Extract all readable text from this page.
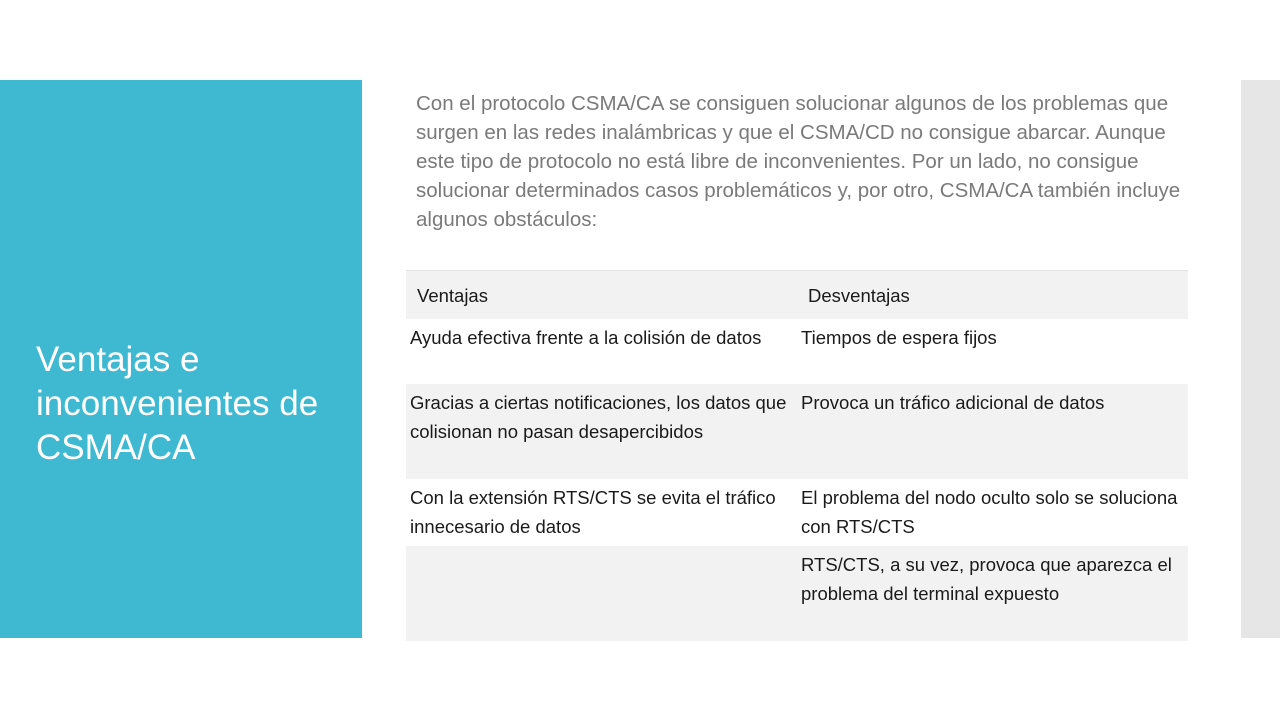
Ventajas e inconvenientes de CSMA/CA

Con el protocolo CSMA/CA se consiguen solucionar algunos de los problemas que surgen en las redes inalámbricas y que el CSMA/CD no consigue abarcar. Aunque este tipo de protocolo no está libre de inconvenientes. Por un lado, no consigue solucionar determinados casos problemáticos y, por otro, CSMA/CA también incluye algunos obstáculos:

Ventajas	Desventajas
Ayuda efectiva frente a la colisión de datos	Tiempos de espera fijos
Gracias a ciertas notificaciones, los datos que colisionan no pasan desapercibidos	Provoca un tráfico adicional de datos
Con la extensión RTS/CTS se evita el tráfico innecesario de datos	El problema del nodo oculto solo se soluciona con RTS/CTS
	RTS/CTS, a su vez, provoca que aparezca el problema del terminal expuesto
